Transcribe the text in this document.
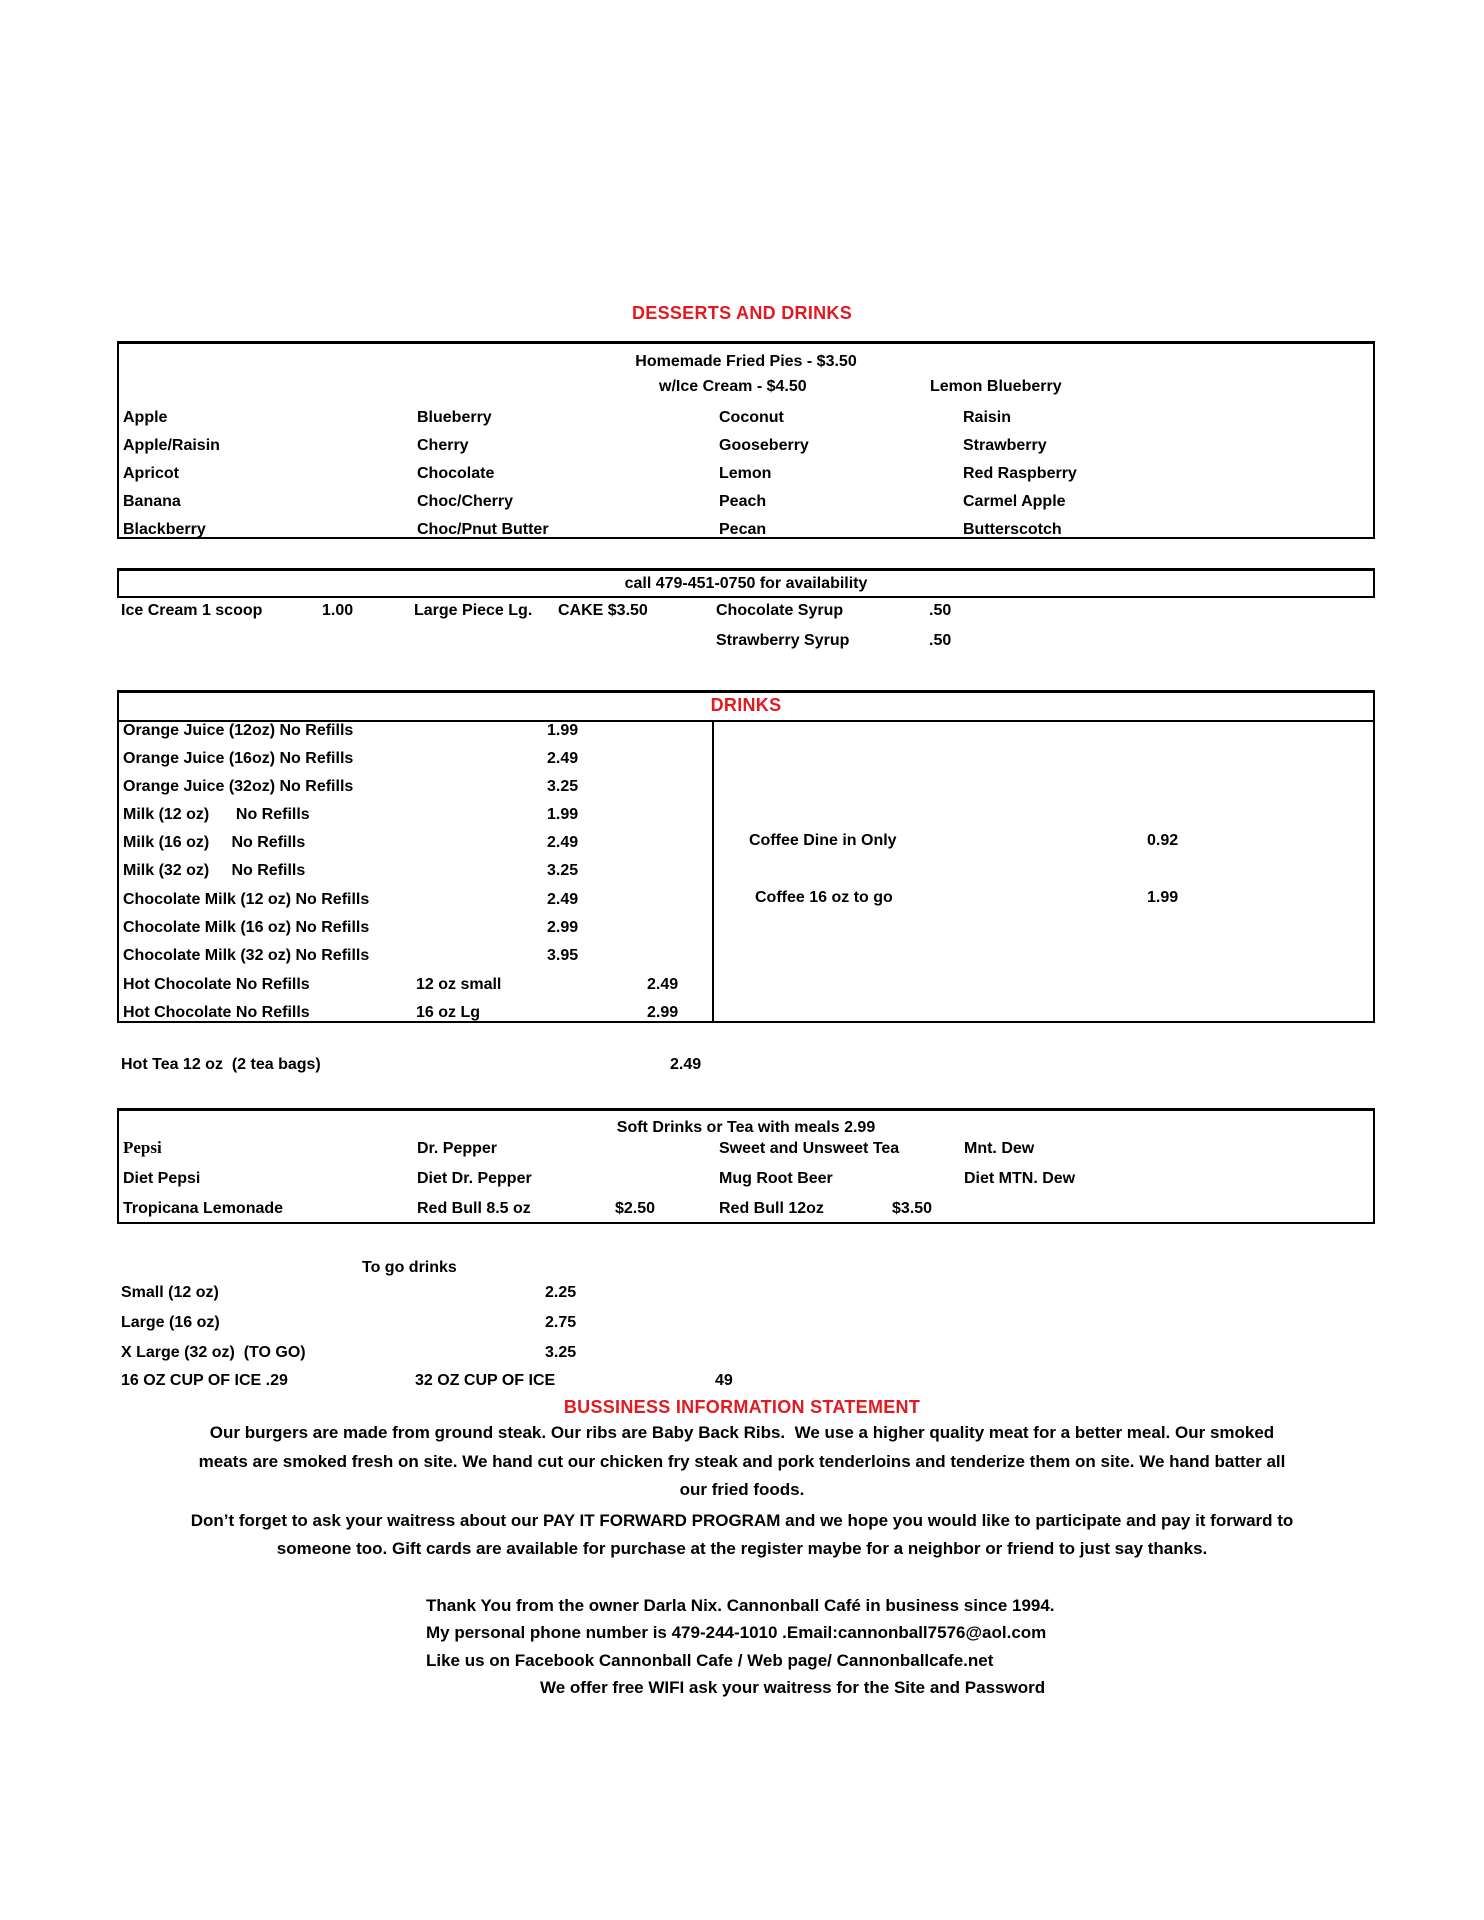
DESSERTS AND DRINKS
Homemade Fried Pies - $3.50
w/Ice Cream - $4.50	Lemon Blueberry
Apple	Blueberry	Coconut	Raisin
Apple/Raisin	Cherry	Gooseberry	Strawberry
Apricot	Chocolate	Lemon	Red Raspberry
Banana	Choc/Cherry	Peach	Carmel Apple
Blackberry	Choc/Pnut Butter	Pecan	Butterscotch
call 479-451-0750 for availability
Ice Cream 1 scoop	1.00	Large Piece Lg. CAKE $3.50	Chocolate Syrup	.50
Strawberry Syrup	.50
DRINKS
Orange Juice (12oz) No Refills	1.99
Orange Juice (16oz) No Refills	2.49
Orange Juice (32oz) No Refills	3.25
Milk (12 oz)      No Refills	1.99
Milk (16 oz)     No Refills	2.49
Milk (32 oz)     No Refills	3.25
Chocolate Milk (12 oz) No Refills	2.49
Chocolate Milk (16 oz) No Refills	2.99
Chocolate Milk (32 oz) No Refills	3.95
Hot Chocolate No Refills	12 oz small	2.49
Hot Chocolate No Refills	16 oz Lg	2.99
Coffee Dine in Only	0.92
Coffee 16 oz to go	1.99
Hot Tea 12 oz  (2 tea bags)	2.49
Soft Drinks or Tea with meals 2.99
Pepsi	Dr. Pepper	Sweet and Unsweet Tea	Mnt. Dew
Diet Pepsi	Diet Dr. Pepper	Mug Root Beer	Diet MTN. Dew
Tropicana Lemonade	Red Bull 8.5 oz	$2.50	Red Bull 12oz	$3.50
To go drinks
Small (12 oz)	2.25
Large (16 oz)	2.75
X Large (32 oz)  (TO GO)	3.25
16 OZ CUP OF ICE .29	32 OZ CUP OF ICE	49
BUSSINESS INFORMATION STATEMENT
Our burgers are made from ground steak. Our ribs are Baby Back Ribs.  We use a higher quality meat for a better meal. Our smoked
meats are smoked fresh on site. We hand cut our chicken fry steak and pork tenderloins and tenderize them on site. We hand batter all
our fried foods.
Don’t forget to ask your waitress about our PAY IT FORWARD PROGRAM and we hope you would like to participate and pay it forward to
someone too. Gift cards are available for purchase at the register maybe for a neighbor or friend to just say thanks.
Thank You from the owner Darla Nix. Cannonball Café in business since 1994.
My personal phone number is 479-244-1010 .Email:cannonball7576@aol.com
Like us on Facebook Cannonball Cafe / Web page/ Cannonballcafe.net
We offer free WIFI ask your waitress for the Site and Password
